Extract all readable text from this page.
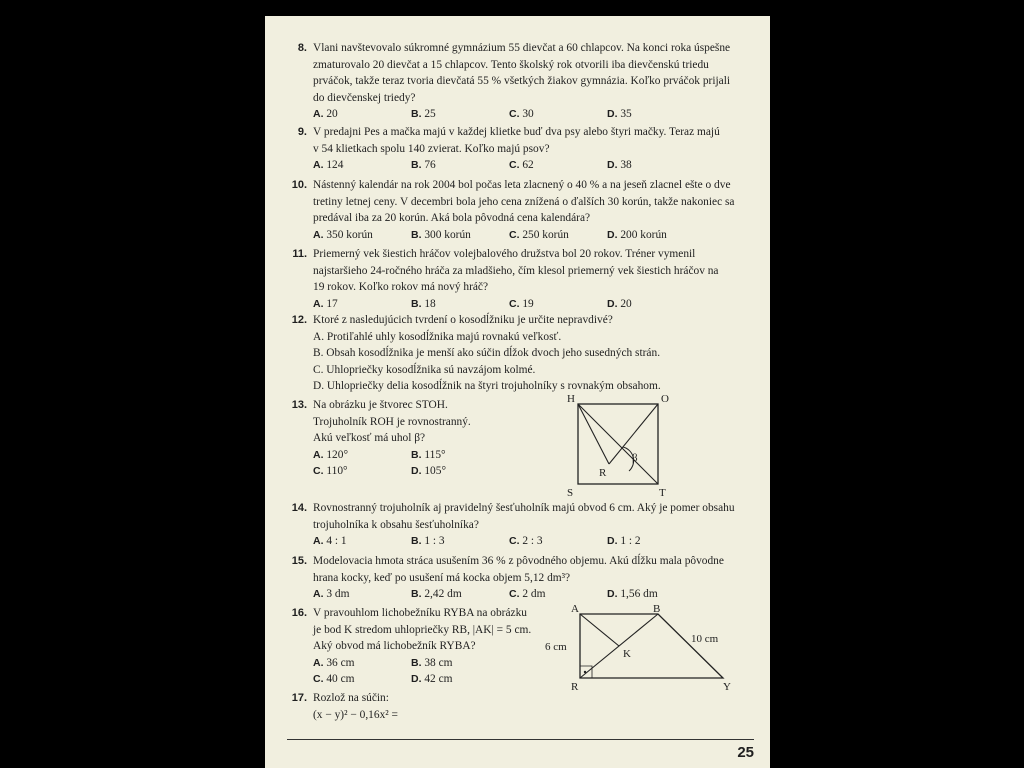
8. Vlani navštevovalo súkromné gymnázium 55 dievčat a 60 chlapcov. Na konci roka úspešne
zmaturovalo 20 dievčat a 15 chlapcov. Tento školský rok otvorili iba dievčenskú triedu
prváčok, takže teraz tvoria dievčatá 55 % všetkých žiakov gymnázia. Koľko prváčok prijali
do dievčenskej triedy?
A. 20	B. 25	C. 30	D. 35
9. V predajni Pes a mačka majú v každej klietke buď dva psy alebo štyri mačky. Teraz majú
v 54 klietkach spolu 140 zvierat. Koľko majú psov?
A. 124	B. 76	C. 62	D. 38
10. Nástenný kalendár na rok 2004 bol počas leta zlacnený o 40 % a na jeseň zlacnel ešte o dve
tretiny letnej ceny. V decembri bola jeho cena znížená o ďalších 30 korún, takže nakoniec sa
predával iba za 20 korún. Aká bola pôvodná cena kalendára?
A. 350 korún	B. 300 korún	C. 250 korún	D. 200 korún
11. Priemerný vek šiestich hráčov volejbalového družstva bol 20 rokov. Tréner vymenil
najstaršieho 24-ročného hráča za mladšieho, čím klesol priemerný vek šiestich hráčov na
19 rokov. Koľko rokov má nový hráč?
A. 17	B. 18	C. 19	D. 20
12. Ktoré z nasledujúcich tvrdení o kosodĺžniku je určite nepravdivé?
A. Protiľahlé uhly kosodĺžnika majú rovnakú veľkosť.
B. Obsah kosodĺžnika je menší ako súčin dĺžok dvoch jeho susedných strán.
C. Uhlopriečky kosodĺžnika sú navzájom kolmé.
D. Uhlopriečky delia kosodĺžnik na štyri trojuholníky s rovnakým obsahom.
13. Na obrázku je štvorec STOH.
Trojuholník ROH je rovnostranný.
Akú veľkosť má uhol β?
A. 120°	B. 115°
C. 110°	D. 105°
H	O
S	T
R
β
14. Rovnostranný trojuholník aj pravidelný šesťuholník majú obvod 6 cm. Aký je pomer obsahu
trojuholníka k obsahu šesťuholníka?
A. 4 : 1	B. 1 : 3	C. 2 : 3	D. 1 : 2
15. Modelovacia hmota stráca usušením 36 % z pôvodného objemu. Akú dĺžku mala pôvodne
hrana kocky, keď po usušení má kocka objem 5,12 dm³?
A. 3 dm	B. 2,42 dm	C. 2 dm	D. 1,56 dm
16. V pravouhlom lichobežníku RYBA na obrázku
je bod K stredom uhlopriečky RB, |AK| = 5 cm.
Aký obvod má lichobežník RYBA?
A. 36 cm	B. 38 cm
C. 40 cm	D. 42 cm
A	B
R	Y
K
6 cm
10 cm
17. Rozlož na súčin:
(x − y)² − 0,16x² =
25
